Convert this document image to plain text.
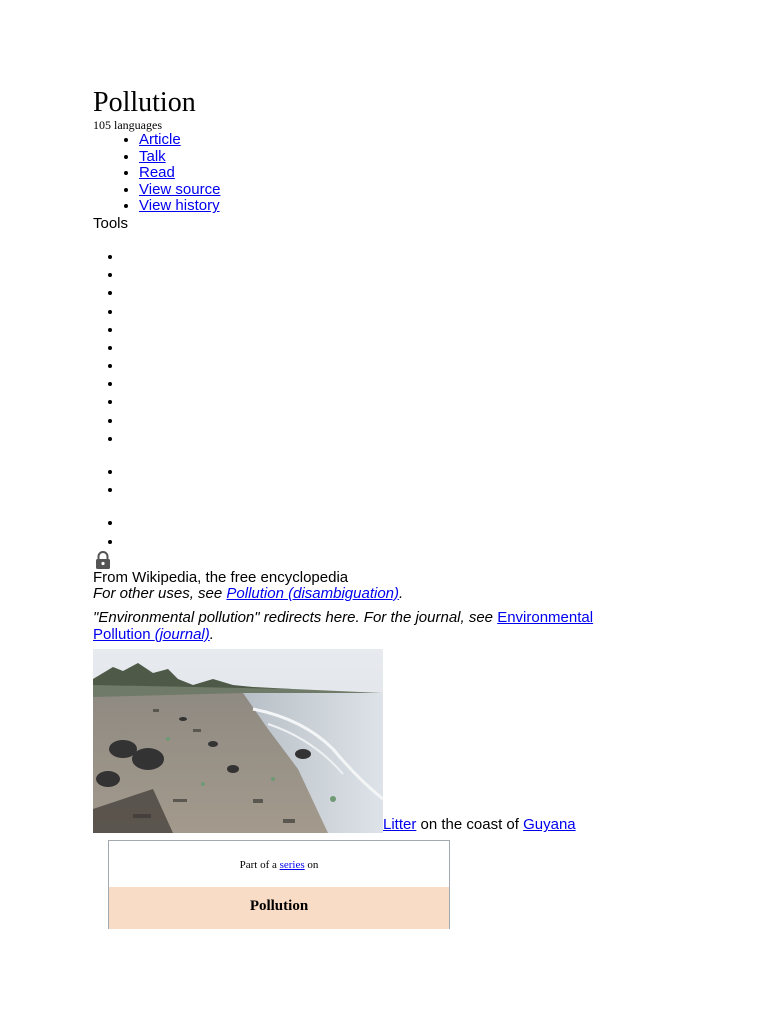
Pollution
105 languages
• Article
• Talk
• Read
• View source
• View history
Tools
•
•
•
•
•
•
•
•
•
•
•
•
•
•
•
From Wikipedia, the free encyclopedia
For other uses, see Pollution (disambiguation).
"Environmental pollution" redirects here. For the journal, see Environmental Pollution (journal).
Litter on the coast of Guyana
Part of a series on
Pollution
